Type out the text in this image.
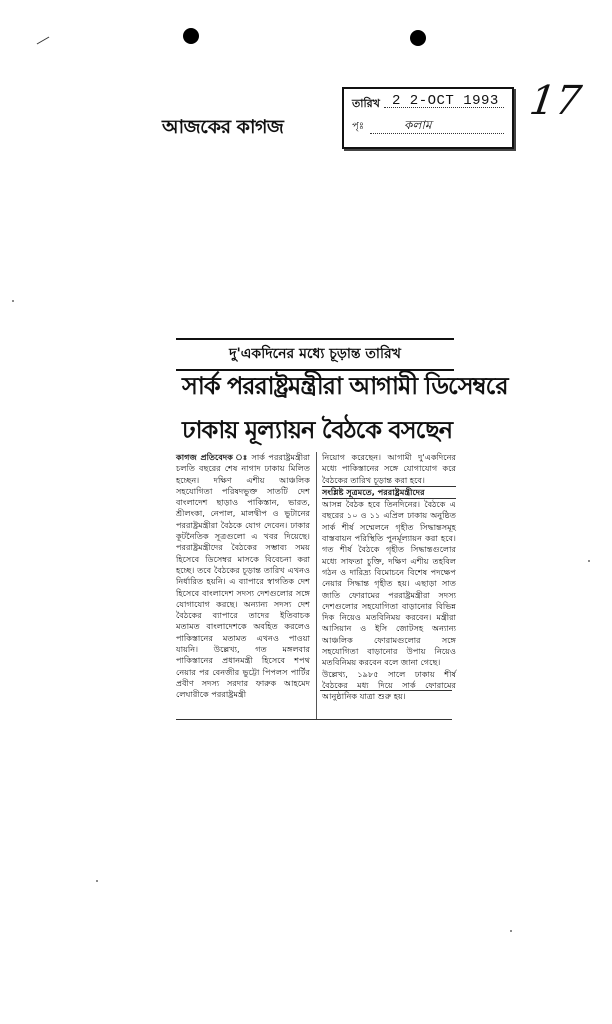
আজকের কাগজ
তারিখ 2 2-OCT 1993
পৃঃ	কলাম
17
দু'একদিনের মধ্যে চূড়ান্ত তারিখ
সার্ক পররাষ্ট্রমন্ত্রীরা আগামী ডিসেম্বরে
ঢাকায় মূল্যায়ন বৈঠকে বসছেন
কাগজ প্রতিবেদক ঃ সার্ক পররাষ্ট্রমন্ত্রীরা চলতি বছরের শেষ নাগাদ ঢাকায় মিলিত হচ্ছেন। দক্ষিণ এশীয় আঞ্চলিক সহযোগিতা পরিষদভুক্ত সাতটি দেশ বাংলাদেশ ছাড়াও পাকিস্তান, ভারত, শ্রীলংকা, নেপাল, মালদ্বীপ ও ভুটানের পররাষ্ট্রমন্ত্রীরা বৈঠকে যোগ দেবেন। ঢাকার কূটনৈতিক সূত্রগুলো এ খবর দিয়েছে। পররাষ্ট্রমন্ত্রীদের বৈঠকের সম্ভাব্য সময় হিসেবে ডিসেম্বর মাসকে বিবেচনা করা হচ্ছে। তবে বৈঠকের চূড়ান্ত তারিখ এখনও নির্ধারিত হয়নি। এ ব্যাপারে স্বাগতিক দেশ হিসেবে বাংলাদেশ সদস্য দেশগুলোর সঙ্গে যোগাযোগ করছে। অন্যান্য সদস্য দেশ বৈঠকের ব্যাপারে তাদের ইতিবাচক মতামত বাংলাদেশকে অবহিত করলেও পাকিস্তানের মতামত এখনও পাওয়া যায়নি। উল্লেখ্য, গত মঙ্গলবার পাকিস্তানের প্রধানমন্ত্রী হিসেবে শপথ নেয়ার পর বেনজীর ভুট্টো পিপলস পার্টির প্রবীণ সদস্য সরদার ফারুক আহমেদ লেঘারীকে পররাষ্ট্রমন্ত্রী
নিয়োগ করেছেন। আগামী দু'একদিনের মধ্যে পাকিস্তানের সঙ্গে যোগাযোগ করে বৈঠকের তারিখ চূড়ান্ত করা হবে।
সংশ্লিষ্ট সূত্রমতে, পররাষ্ট্রমন্ত্রীদের
আসন্ন বৈঠক হবে তিনদিনের। বৈঠকে এ বছরের ১০ ও ১১ এপ্রিল ঢাকায় অনুষ্ঠিত সার্ক শীর্ষ সম্মেলনে গৃহীত সিদ্ধান্তসমূহ বাস্তবায়ন পরিস্থিতি পুনর্মূল্যায়ন করা হবে। গত শীর্ষ বৈঠকে গৃহীত সিদ্ধান্তগুলোর মধ্যে সাফতা চুক্তি, দক্ষিণ এশীয় তহবিল গঠন ও দারিদ্র্য বিমোচনে বিশেষ পদক্ষেপ নেয়ার সিদ্ধান্ত গৃহীত হয়। এছাড়া সাত জাতি ফোরামের পররাষ্ট্রমন্ত্রীরা সদস্য দেশগুলোর সহযোগিতা বাড়ানোর বিভিন্ন দিক নিয়েও মতবিনিময় করবেন। মন্ত্রীরা আসিয়ান ও ইসি জোটসহ অন্যান্য আঞ্চলিক ফোরামগুলোর সঙ্গে সহযোগিতা বাড়ানোর উপায় নিয়েও মতবিনিময় করবেন বলে জানা গেছে।
উল্লেখ্য, ১৯৮৫ সালে ঢাকায় শীর্ষ বৈঠকের মধ্য দিয়ে সার্ক ফোরামের আনুষ্ঠানিক যাত্রা শুরু হয়।
